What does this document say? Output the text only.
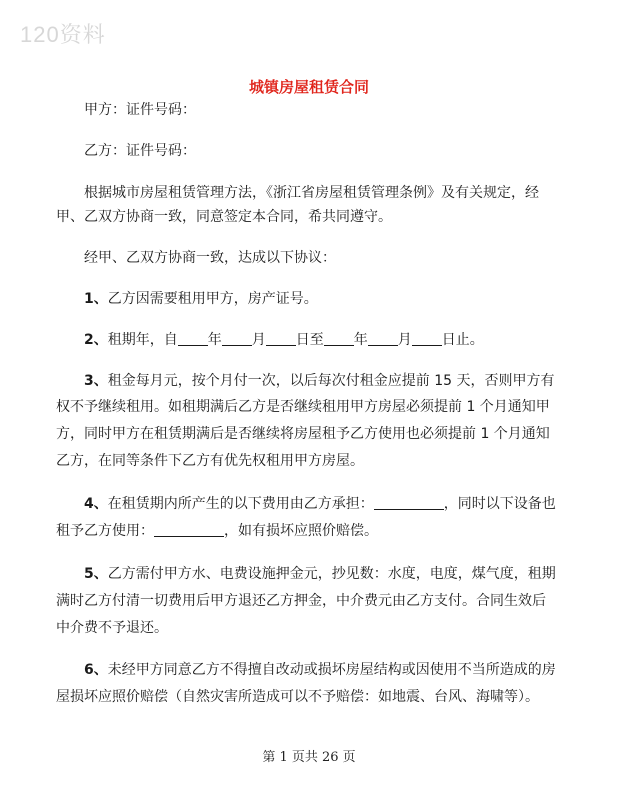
120资料
城镇房屋租赁合同
甲方：证件号码：
乙方：证件号码：
根据城市房屋租赁管理方法，《浙江省房屋租赁管理条例》及有关规定，经
甲、乙双方协商一致，同意签定本合同，希共同遵守。
经甲、乙双方协商一致，达成以下协议：
1、乙方因需要租用甲方，房产证号。
2、租期年，自 年 月 日至 年 月 日止。
3、租金每月元，按个月付一次，以后每次付租金应提前 15 天，否则甲方有
权不予继续租用。如租期满后乙方是否继续租用甲方房屋必须提前 1 个月通知甲
方，同时甲方在租赁期满后是否继续将房屋租予乙方使用也必须提前 1 个月通知
乙方，在同等条件下乙方有优先权租用甲方房屋。
4、在租赁期内所产生的以下费用由乙方承担：	，同时以下设备也
租予乙方使用：	，如有损坏应照价赔偿。
5、乙方需付甲方水、电费设施押金元，抄见数：水度，电度，煤气度，租期
满时乙方付清一切费用后甲方退还乙方押金，中介费元由乙方支付。合同生效后
中介费不予退还。
6、未经甲方同意乙方不得擅自改动或损坏房屋结构或因使用不当所造成的房
屋损坏应照价赔偿（自然灾害所造成可以不予赔偿：如地震、台风、海啸等）。
第 1 页共 26 页
